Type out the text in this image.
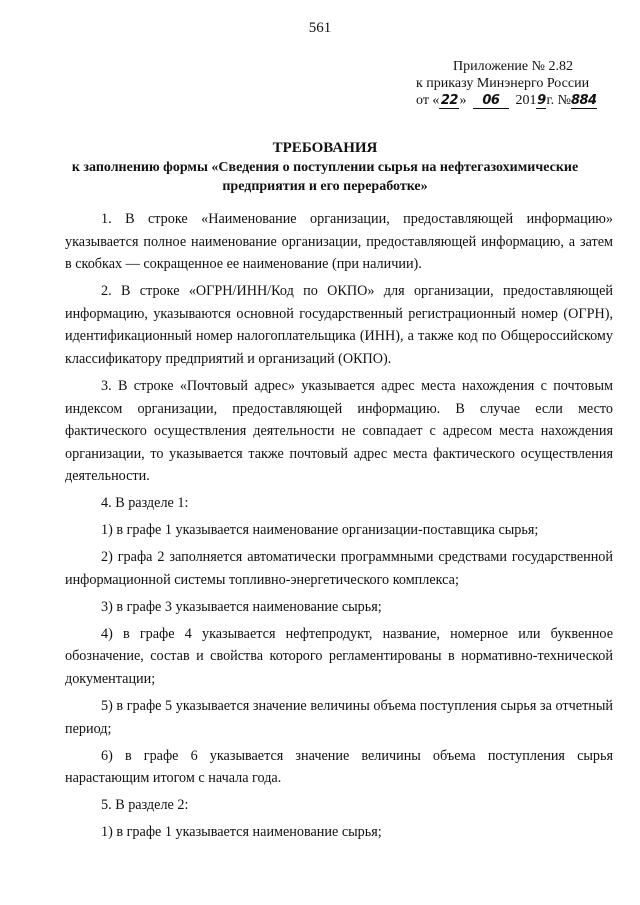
561
Приложение № 2.82
к приказу Минэнерго России
от «22» 06 2019г. №884
ТРЕБОВАНИЯ
к заполнению формы «Сведения о поступлении сырья на нефтегазохимические предприятия и его переработке»

1. В строке «Наименование организации, предоставляющей информацию» указывается полное наименование организации, предоставляющей информацию, а затем в скобках — сокращенное ее наименование (при наличии).

2. В строке «ОГРН/ИНН/Код по ОКПО» для организации, предоставляющей информацию, указываются основной государственный регистрационный номер (ОГРН), идентификационный номер налогоплательщика (ИНН), а также код по Общероссийскому классификатору предприятий и организаций (ОКПО).

3. В строке «Почтовый адрес» указывается адрес места нахождения с почтовым индексом организации, предоставляющей информацию. В случае если место фактического осуществления деятельности не совпадает с адресом места нахождения организации, то указывается также почтовый адрес места фактического осуществления деятельности.

4. В разделе 1:

1) в графе 1 указывается наименование организации-поставщика сырья;

2) графа 2 заполняется автоматически программными средствами государственной информационной системы топливно-энергетического комплекса;

3) в графе 3 указывается наименование сырья;

4) в графе 4 указывается нефтепродукт, название, номерное или буквенное обозначение, состав и свойства которого регламентированы в нормативно-технической документации;

5) в графе 5 указывается значение величины объема поступления сырья за отчетный период;

6) в графе 6 указывается значение величины объема поступления сырья нарастающим итогом с начала года.

5. В разделе 2:

1) в графе 1 указывается наименование сырья;
